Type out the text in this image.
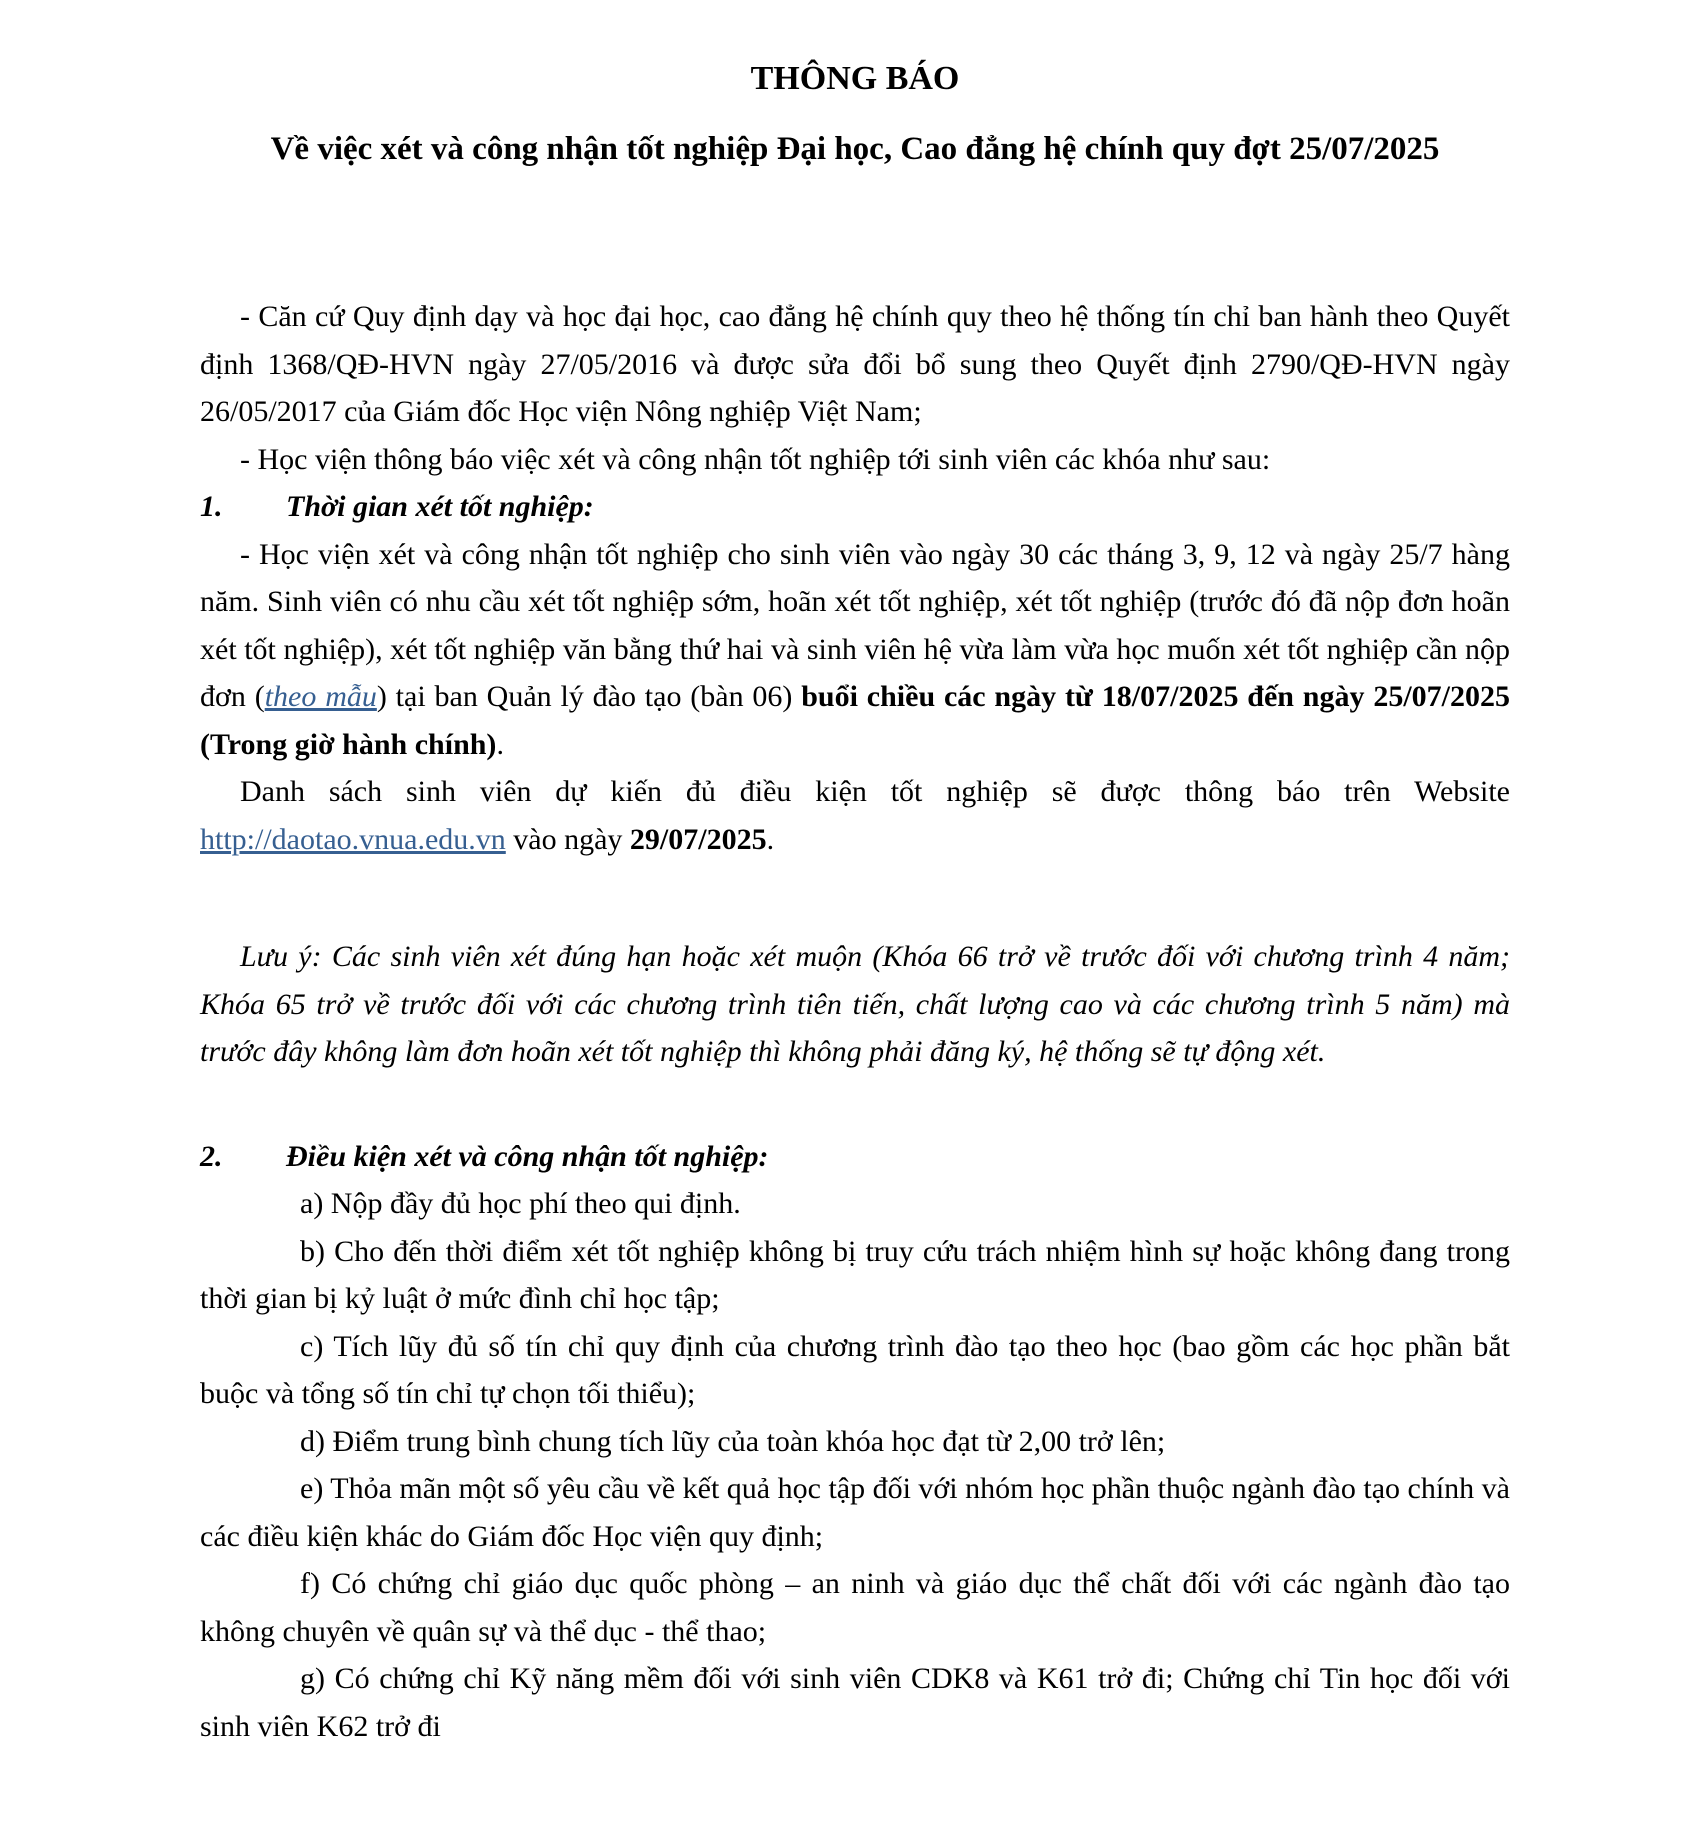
THÔNG BÁO
Về việc xét và công nhận tốt nghiệp Đại học, Cao đẳng hệ chính quy đợt 25/07/2025

- Căn cứ Quy định dạy và học đại học, cao đẳng hệ chính quy theo hệ thống tín chỉ ban hành theo Quyết định 1368/QĐ-HVN ngày 27/05/2016 và được sửa đổi bổ sung theo Quyết định 2790/QĐ-HVN ngày 26/05/2017 của Giám đốc Học viện Nông nghiệp Việt Nam;

- Học viện thông báo việc xét và công nhận tốt nghiệp tới sinh viên các khóa như sau:

1. Thời gian xét tốt nghiệp:

- Học viện xét và công nhận tốt nghiệp cho sinh viên vào ngày 30 các tháng 3, 9, 12 và ngày 25/7 hàng năm. Sinh viên có nhu cầu xét tốt nghiệp sớm, hoãn xét tốt nghiệp, xét tốt nghiệp (trước đó đã nộp đơn hoãn xét tốt nghiệp), xét tốt nghiệp văn bằng thứ hai và sinh viên hệ vừa làm vừa học muốn xét tốt nghiệp cần nộp đơn (theo mẫu) tại ban Quản lý đào tạo (bàn 06) buổi chiều các ngày từ 18/07/2025 đến ngày 25/07/2025 (Trong giờ hành chính).

Danh sách sinh viên dự kiến đủ điều kiện tốt nghiệp sẽ được thông báo trên Website http://daotao.vnua.edu.vn vào ngày 29/07/2025.

Lưu ý: Các sinh viên xét đúng hạn hoặc xét muộn (Khóa 66 trở về trước đối với chương trình 4 năm; Khóa 65 trở về trước đối với các chương trình tiên tiến, chất lượng cao và các chương trình 5 năm) mà trước đây không làm đơn hoãn xét tốt nghiệp thì không phải đăng ký, hệ thống sẽ tự động xét.

2. Điều kiện xét và công nhận tốt nghiệp:

a) Nộp đầy đủ học phí theo qui định.

b) Cho đến thời điểm xét tốt nghiệp không bị truy cứu trách nhiệm hình sự hoặc không đang trong thời gian bị kỷ luật ở mức đình chỉ học tập;

c) Tích lũy đủ số tín chỉ quy định của chương trình đào tạo theo học (bao gồm các học phần bắt buộc và tổng số tín chỉ tự chọn tối thiểu);

d) Điểm trung bình chung tích lũy của toàn khóa học đạt từ 2,00 trở lên;

e) Thỏa mãn một số yêu cầu về kết quả học tập đối với nhóm học phần thuộc ngành đào tạo chính và các điều kiện khác do Giám đốc Học viện quy định;

f) Có chứng chỉ giáo dục quốc phòng – an ninh và giáo dục thể chất đối với các ngành đào tạo không chuyên về quân sự và thể dục - thể thao;

g) Có chứng chỉ Kỹ năng mềm đối với sinh viên CDK8 và K61 trở đi; Chứng chỉ Tin học đối với sinh viên K62 trở đi
